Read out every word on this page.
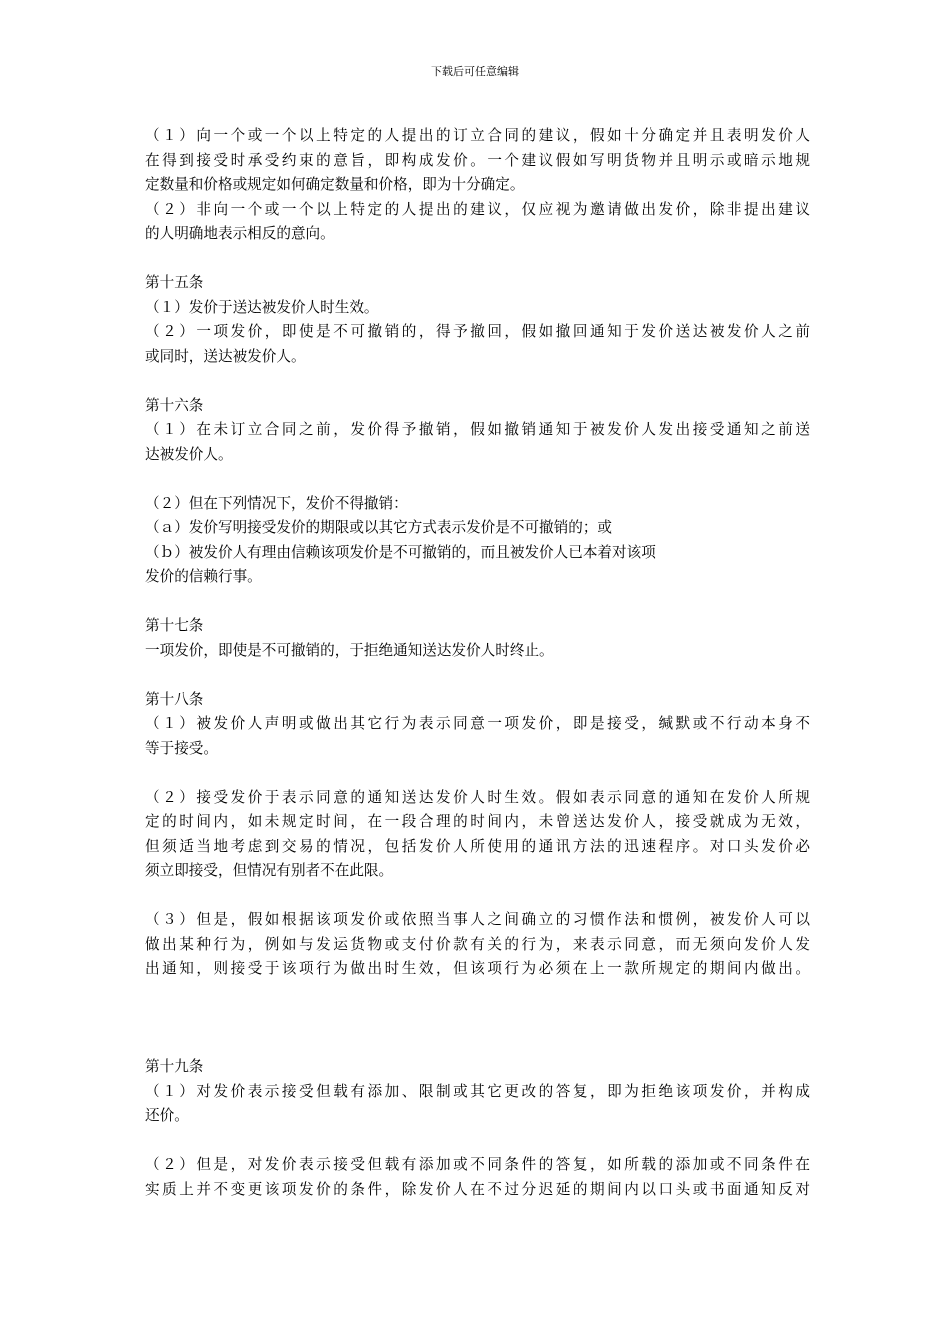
下载后可任意编辑
（１）向一个或一个以上特定的人提出的订立合同的建议，假如十分确定并且表明发价人
在得到接受时承受约束的意旨，即构成发价。一个建议假如写明货物并且明示或暗示地规
定数量和价格或规定如何确定数量和价格，即为十分确定。
（２）非向一个或一个以上特定的人提出的建议，仅应视为邀请做出发价，除非提出建议
的人明确地表示相反的意向。
第十五条
（１）发价于送达被发价人时生效。
（２）一项发价，即使是不可撤销的，得予撤回，假如撤回通知于发价送达被发价人之前
或同时，送达被发价人。
第十六条
（１）在未订立合同之前，发价得予撤销，假如撤销通知于被发价人发出接受通知之前送
达被发价人。
（２）但在下列情况下，发价不得撤销：
（ａ）发价写明接受发价的期限或以其它方式表示发价是不可撤销的；或
（ｂ）被发价人有理由信赖该项发价是不可撤销的，而且被发价人已本着对该项
发价的信赖行事。
第十七条
一项发价，即使是不可撤销的，于拒绝通知送达发价人时终止。
第十八条
（１）被发价人声明或做出其它行为表示同意一项发价，即是接受，缄默或不行动本身不
等于接受。
（２）接受发价于表示同意的通知送达发价人时生效。假如表示同意的通知在发价人所规
定的时间内，如未规定时间，在一段合理的时间内，未曾送达发价人，接受就成为无效，
但须适当地考虑到交易的情况，包括发价人所使用的通讯方法的迅速程序。对口头发价必
须立即接受，但情况有别者不在此限。
（３）但是，假如根据该项发价或依照当事人之间确立的习惯作法和惯例，被发价人可以
做出某种行为，例如与发运货物或支付价款有关的行为，来表示同意，而无须向发价人发
出通知，则接受于该项行为做出时生效，但该项行为必须在上一款所规定的期间内做出。
第十九条
（１）对发价表示接受但载有添加、限制或其它更改的答复，即为拒绝该项发价，并构成
还价。
（２）但是，对发价表示接受但载有添加或不同条件的答复，如所载的添加或不同条件在
实质上并不变更该项发价的条件，除发价人在不过分迟延的期间内以口头或书面通知反对
